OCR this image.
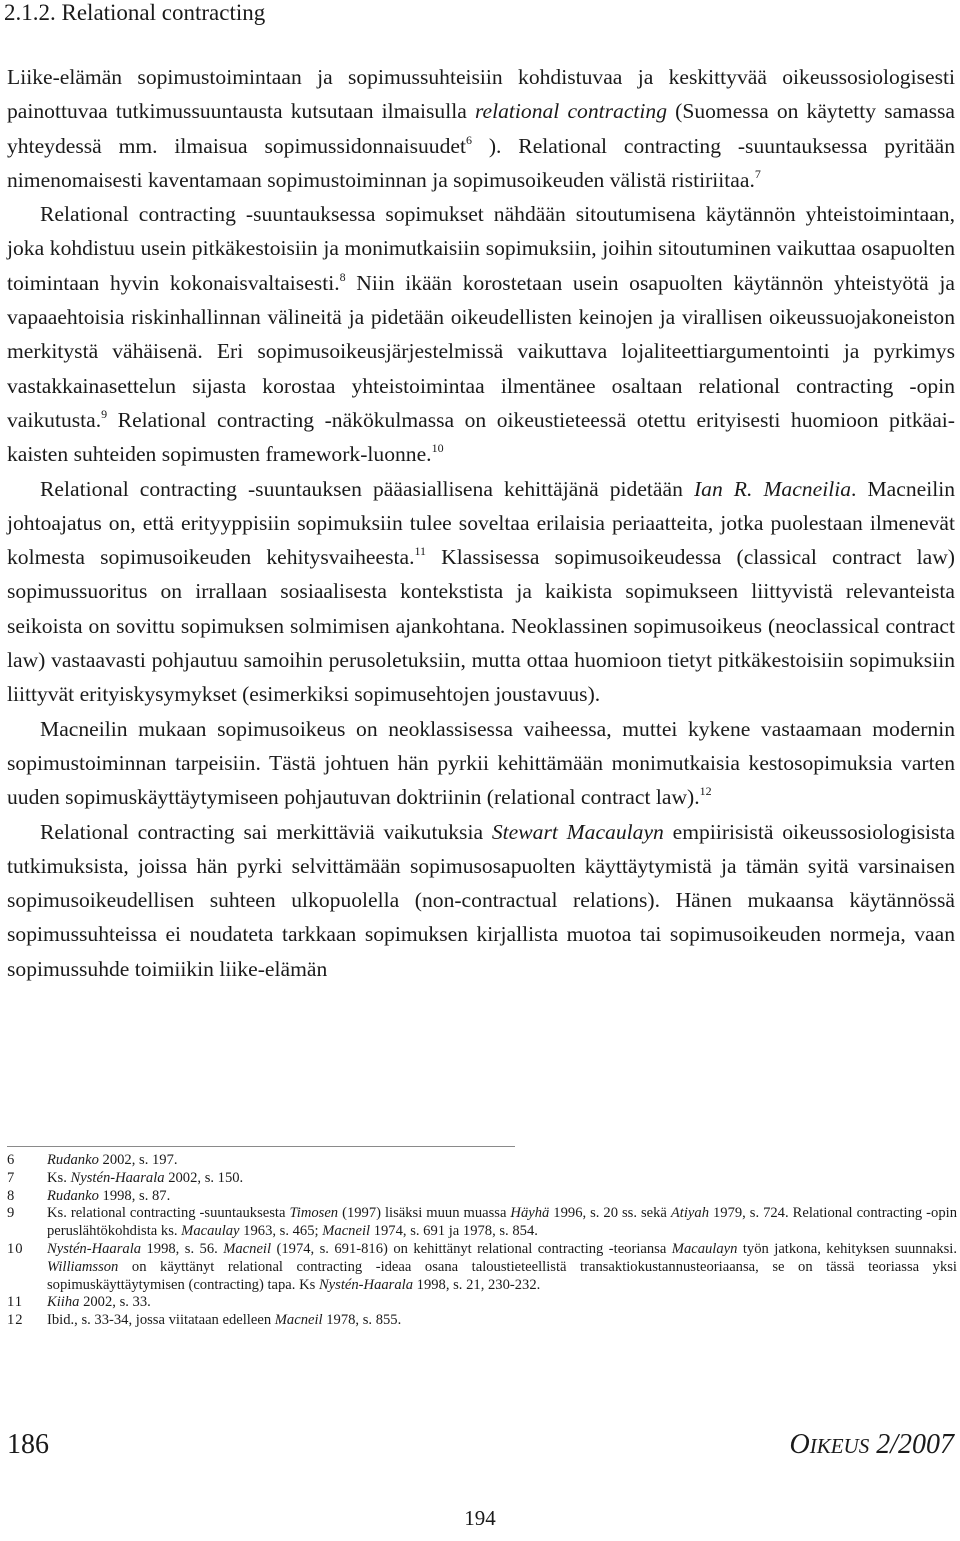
2.1.2. Relational contracting

Liike-elämän sopimustoimintaan ja sopimussuhteisiin kohdistuvaa ja keskittyvää oikeussosiologisesti painottuvaa tutkimussuuntausta kutsutaan ilmaisulla relational contracting (Suomessa on käytetty samassa yhteydessä mm. ilmaisua sopimussidonnaisuudet$^6$ ). Relational contracting -suuntauksessa pyritään nimenomaisesti kaventamaan sopimustoiminnan ja sopimusoikeuden välistä ristiriitaa.$^7$

Relational contracting -suuntauksessa sopimukset nähdään sitoutumisena käytännön yhteistoimintaan, joka kohdistuu usein pitkäkestoisiin ja monimutkaisiin sopimuksiin, joihin sitoutuminen vaikuttaa osapuolten toimintaan hyvin kokonaisvaltaisesti.$^8$ Niin ikään korostetaan usein osapuolten käytännön yhteistyötä ja vapaaehtoisia riskinhallinnan välineitä ja pidetään oikeudellisten keinojen ja virallisen oikeussuojakoneiston merkitystä vähäisenä. Eri sopimusoikeusjärjestelmissä vaikuttava lojaliteettiargumentointi ja pyrkimys vastakkainasettelun sijasta korostaa yhteistoimintaa ilmentänee osaltaan relational contracting -opin vaikutusta.$^9$ Relational contracting -näkökulmassa on oikeustieteessä otettu erityisesti huomioon pitkäaikaisten suhteiden sopimusten framework-luonne.$^{10}$

Relational contracting -suuntauksen pääasiallisena kehittäjänä pidetään Ian R. Macneilia. Macneilin johtoajatus on, että erityyppisiin sopimuksiin tulee soveltaa erilaisia periaatteita, jotka puolestaan ilmenevät kolmesta sopimusoikeuden kehitysvaiheesta.$^{11}$ Klassisessa sopimusoikeudessa (classical contract law) sopimussuoritus on irrallaan sosiaalisesta kontekstista ja kaikista sopimukseen liittyvistä relevanteista seikoista on sovittu sopimuksen solmimisen ajankohtana. Neoklassinen sopimusoikeus (neoclassical contract law) vastaavasti pohjautuu samoihin perusoletuksiin, mutta ottaa huomioon tietyt pitkäkestoisiin sopimuksiin liittyvät erityiskysymykset (esimerkiksi sopimusehtojen joustavuus).

Macneilin mukaan sopimusoikeus on neoklassisessa vaiheessa, muttei kykene vastaamaan modernin sopimustoiminnan tarpeisiin. Tästä johtuen hän pyrkii kehittämään monimutkaisia kestosopimuksia varten uuden sopimuskäyttäytymiseen pohjautuvan doktriinin (relational contract law).$^{12}$

Relational contracting sai merkittäviä vaikutuksia Stewart Macaulayn empiirisistä oikeussosiologisista tutkimuksista, joissa hän pyrki selvittämään sopimusosapuolten käyttäytymistä ja tämän syitä varsinaisen sopimusoikeudellisen suhteen ulkopuolella (non-contractual relations). Hänen mukaansa käytännössä sopimussuhteissa ei noudateta tarkkaan sopimuksen kirjallista muotoa tai sopimusoikeuden normeja, vaan sopimussuhde toimiikin liike-elämän

6	Rudanko 2002, s. 197.
7	Ks. Nystén-Haarala 2002, s. 150.
8	Rudanko 1998, s. 87.
9	Ks. relational contracting -suuntauksesta Timosen (1997) lisäksi muun muassa Häyhä 1996, s. 20 ss. sekä Atiyah 1979, s. 724. Relational contracting -opin peruslähtökohdista ks. Macaulay 1963, s. 465; Macneil 1974, s. 691 ja 1978, s. 854.
10	Nystén-Haarala 1998, s. 56. Macneil (1974, s. 691-816) on kehittänyt relational contracting -teoriansa Macaulayn työn jatkona, kehityksen suunnaksi. Williamsson on käyttänyt relational contracting -ideaa osana taloustieteellistä transaktiokustannusteoriaansa, se on tässä teoriassa yksi sopimuskäyttäytymisen (contracting) tapa. Ks Nystén-Haarala 1998, s. 21, 230-232.
11	Kiiha 2002, s. 33.
12	Ibid., s. 33-34, jossa viitataan edelleen Macneil 1978, s. 855.
186	OIKEUS 2/2007
194
